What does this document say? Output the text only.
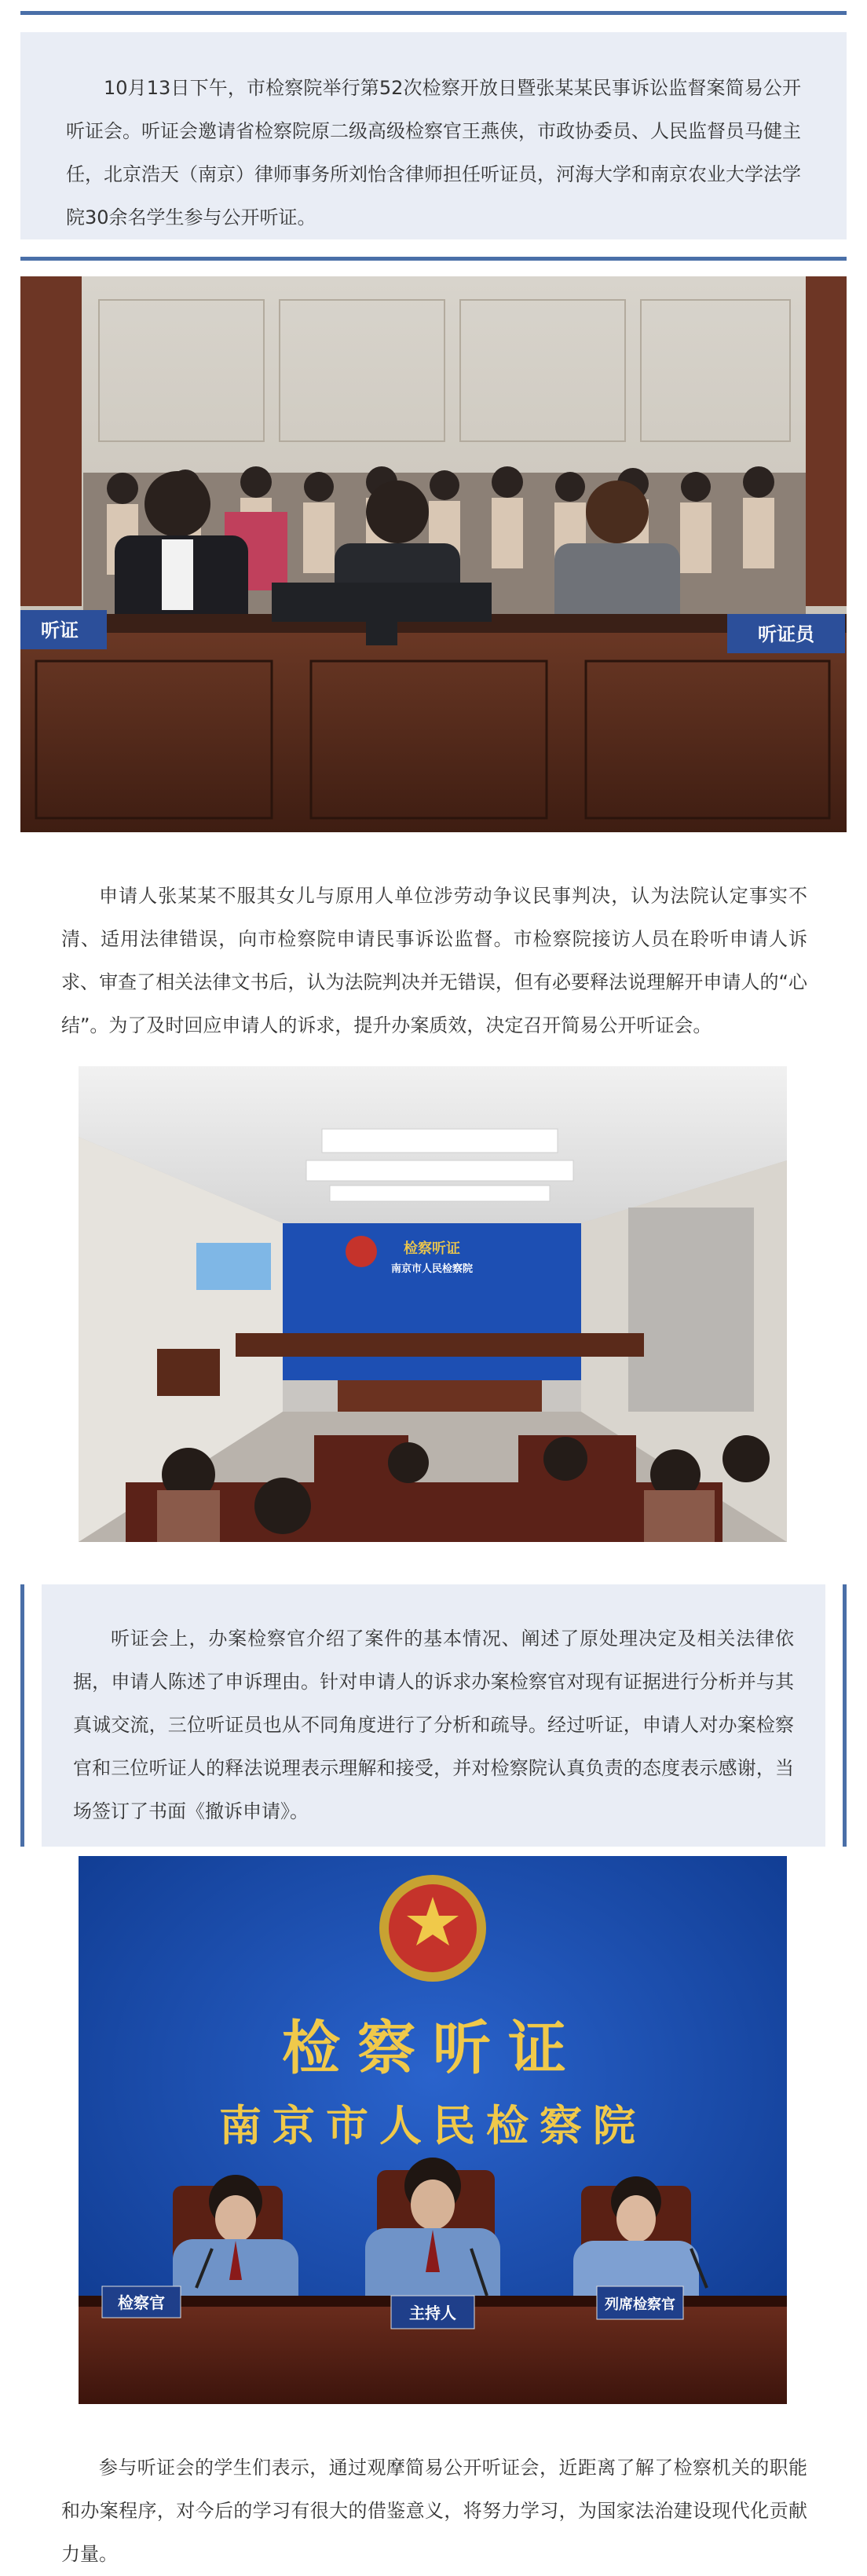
10月13日下午，市检察院举行第52次检察开放日暨张某某民事诉讼监督案简易公开听证会。听证会邀请省检察院原二级高级检察官王燕侠，市政协委员、人民监督员马健主任，北京浩天（南京）律师事务所刘怡含律师担任听证员，河海大学和南京农业大学法学院30余名学生参与公开听证。

听证	听证员

申请人张某某不服其女儿与原用人单位涉劳动争议民事判决，认为法院认定事实不清、适用法律错误，向市检察院申请民事诉讼监督。市检察院接访人员在聆听申请人诉求、审查了相关法律文书后，认为法院判决并无错误，但有必要释法说理解开申请人的“心结”。为了及时回应申请人的诉求，提升办案质效，决定召开简易公开听证会。

检察听证
南京市人民检察院

听证会上，办案检察官介绍了案件的基本情况、阐述了原处理决定及相关法律依据，申请人陈述了申诉理由。针对申请人的诉求办案检察官对现有证据进行分析并与其真诚交流，三位听证员也从不同角度进行了分析和疏导。经过听证，申请人对办案检察官和三位听证人的释法说理表示理解和接受，并对检察院认真负责的态度表示感谢，当场签订了书面《撤诉申请》。

检察听证
南京市人民检察院
检察官
主持人	列席检察官

参与听证会的学生们表示，通过观摩简易公开听证会，近距离了解了检察机关的职能和办案程序，对今后的学习有很大的借鉴意义，将努力学习，为国家法治建设现代化贡献力量。
